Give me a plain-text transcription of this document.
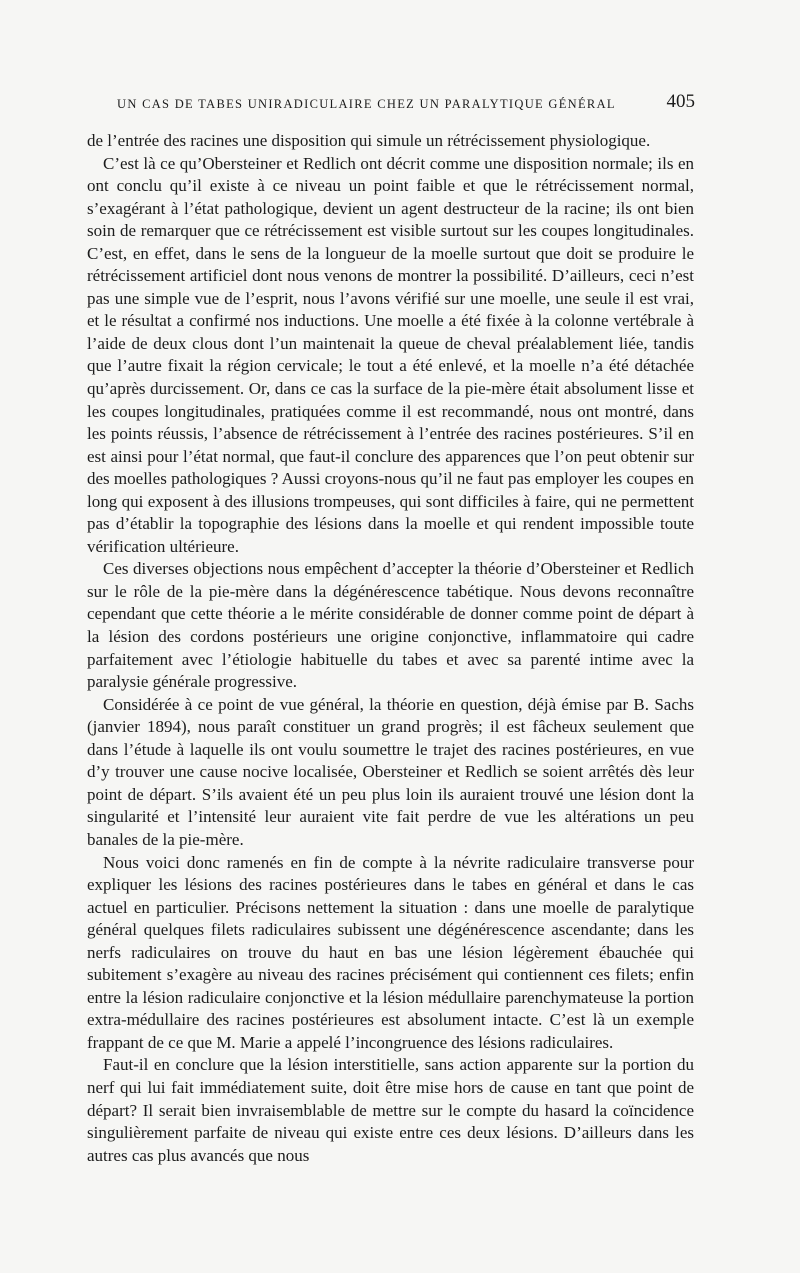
UN CAS DE TABES UNIRADICULAIRE CHEZ UN PARALYTIQUE GÉNÉRAL	405

de l’entrée des racines une disposition qui simule un rétrécissement physiologique.

C’est là ce qu’Obersteiner et Redlich ont décrit comme une disposition normale; ils en ont conclu qu’il existe à ce niveau un point faible et que le rétrécissement normal, s’exagérant à l’état pathologique, devient un agent destructeur de la racine; ils ont bien soin de remarquer que ce rétrécissement est visible surtout sur les coupes longitudinales. C’est, en effet, dans le sens de la longueur de la moelle surtout que doit se produire le rétrécissement artificiel dont nous venons de montrer la possibilité. D’ailleurs, ceci n’est pas une simple vue de l’esprit, nous l’avons vérifié sur une moelle, une seule il est vrai, et le résultat a confirmé nos inductions. Une moelle a été fixée à la colonne vertébrale à l’aide de deux clous dont l’un maintenait la queue de cheval préalablement liée, tandis que l’autre fixait la région cervicale; le tout a été enlevé, et la moelle n’a été détachée qu’après durcissement. Or, dans ce cas la surface de la pie-mère était absolument lisse et les coupes longitudinales, pratiquées comme il est recommandé, nous ont montré, dans les points réussis, l’absence de rétrécissement à l’entrée des racines postérieures. S’il en est ainsi pour l’état normal, que faut-il conclure des apparences que l’on peut obtenir sur des moelles pathologiques ? Aussi croyons-nous qu’il ne faut pas employer les coupes en long qui exposent à des illusions trompeuses, qui sont difficiles à faire, qui ne permettent pas d’établir la topographie des lésions dans la moelle et qui rendent impossible toute vérification ultérieure.

Ces diverses objections nous empêchent d’accepter la théorie d’Obersteiner et Redlich sur le rôle de la pie-mère dans la dégénérescence tabétique. Nous devons reconnaître cependant que cette théorie a le mérite considérable de donner comme point de départ à la lésion des cordons postérieurs une origine conjonctive, inflammatoire qui cadre parfaitement avec l’étiologie habituelle du tabes et avec sa parenté intime avec la paralysie générale progressive.

Considérée à ce point de vue général, la théorie en question, déjà émise par B. Sachs (janvier 1894), nous paraît constituer un grand progrès; il est fâcheux seulement que dans l’étude à laquelle ils ont voulu soumettre le trajet des racines postérieures, en vue d’y trouver une cause nocive localisée, Obersteiner et Redlich se soient arrêtés dès leur point de départ. S’ils avaient été un peu plus loin ils auraient trouvé une lésion dont la singularité et l’intensité leur auraient vite fait perdre de vue les altérations un peu banales de la pie-mère.

Nous voici donc ramenés en fin de compte à la névrite radiculaire transverse pour expliquer les lésions des racines postérieures dans le tabes en général et dans le cas actuel en particulier. Précisons nettement la situation : dans une moelle de paralytique général quelques filets radiculaires subissent une dégénérescence ascendante; dans les nerfs radiculaires on trouve du haut en bas une lésion légèrement ébauchée qui subitement s’exagère au niveau des racines précisément qui contiennent ces filets; enfin entre la lésion radiculaire conjonctive et la lésion médullaire parenchymateuse la portion extra-médullaire des racines postérieures est absolument intacte. C’est là un exemple frappant de ce que M. Marie a appelé l’incongruence des lésions radiculaires.

Faut-il en conclure que la lésion interstitielle, sans action apparente sur la portion du nerf qui lui fait immédiatement suite, doit être mise hors de cause en tant que point de départ? Il serait bien invraisemblable de mettre sur le compte du hasard la coïncidence singulièrement parfaite de niveau qui existe entre ces deux lésions. D’ailleurs dans les autres cas plus avancés que nous
